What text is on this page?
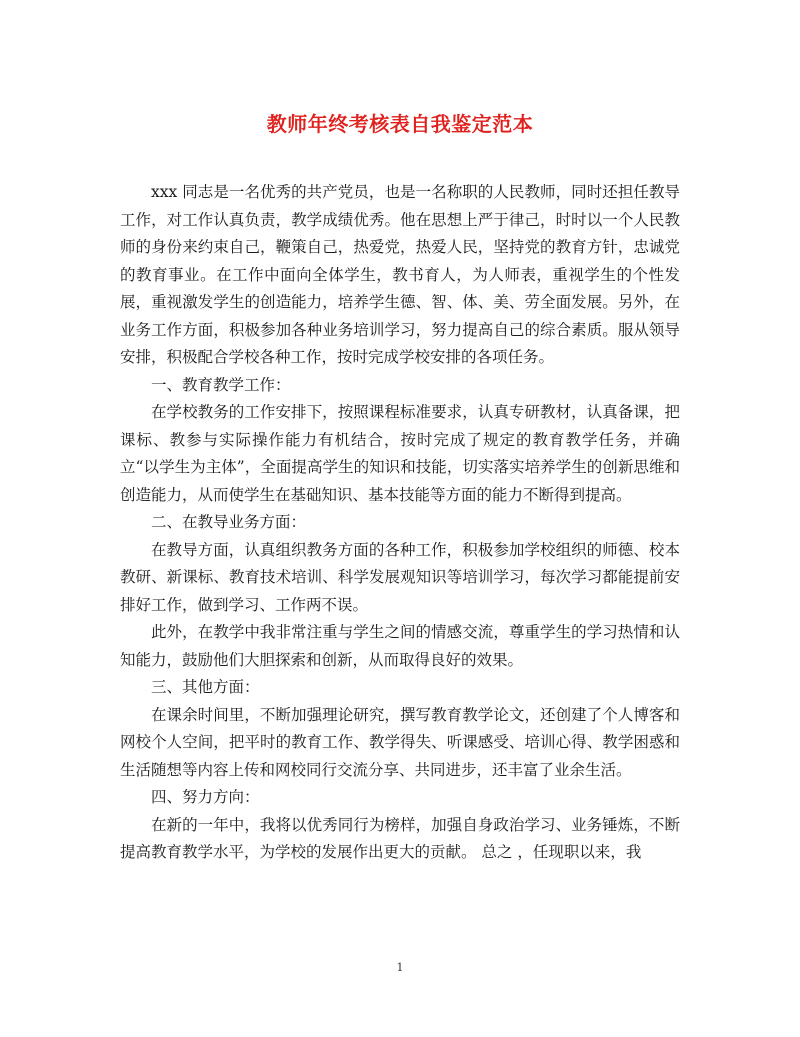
教师年终考核表自我鉴定范本

xxx 同志是一名优秀的共产党员，也是一名称职的人民教师，同时还担任教导工作，对工作认真负责，教学成绩优秀。他在思想上严于律己，时时以一个人民教师的身份来约束自己，鞭策自己，热爱党，热爱人民，坚持党的教育方针，忠诚党的教育事业。在工作中面向全体学生，教书育人，为人师表，重视学生的个性发展，重视激发学生的创造能力，培养学生德、智、体、美、劳全面发展。另外，在业务工作方面，积极参加各种业务培训学习，努力提高自己的综合素质。服从领导安排，积极配合学校各种工作，按时完成学校安排的各项任务。

一、教育教学工作：

在学校教务的工作安排下，按照课程标准要求，认真专研教材，认真备课，把课标、教参与实际操作能力有机结合，按时完成了规定的教育教学任务，并确立“以学生为主体”，全面提高学生的知识和技能，切实落实培养学生的创新思维和创造能力，从而使学生在基础知识、基本技能等方面的能力不断得到提高。

二、在教导业务方面：

在教导方面，认真组织教务方面的各种工作，积极参加学校组织的师德、校本教研、新课标、教育技术培训、科学发展观知识等培训学习，每次学习都能提前安排好工作，做到学习、工作两不误。

此外，在教学中我非常注重与学生之间的情感交流，尊重学生的学习热情和认知能力，鼓励他们大胆探索和创新，从而取得良好的效果。

三、其他方面：

在课余时间里，不断加强理论研究，撰写教育教学论文，还创建了个人博客和网校个人空间，把平时的教育工作、教学得失、听课感受、培训心得、教学困惑和生活随想等内容上传和网校同行交流分享、共同进步，还丰富了业余生活。

四、努力方向：

在新的一年中，我将以优秀同行为榜样，加强自身政治学习、业务锤炼，不断提高教育教学水平，为学校的发展作出更大的贡献。 总之 ，任现职以来，我

1
